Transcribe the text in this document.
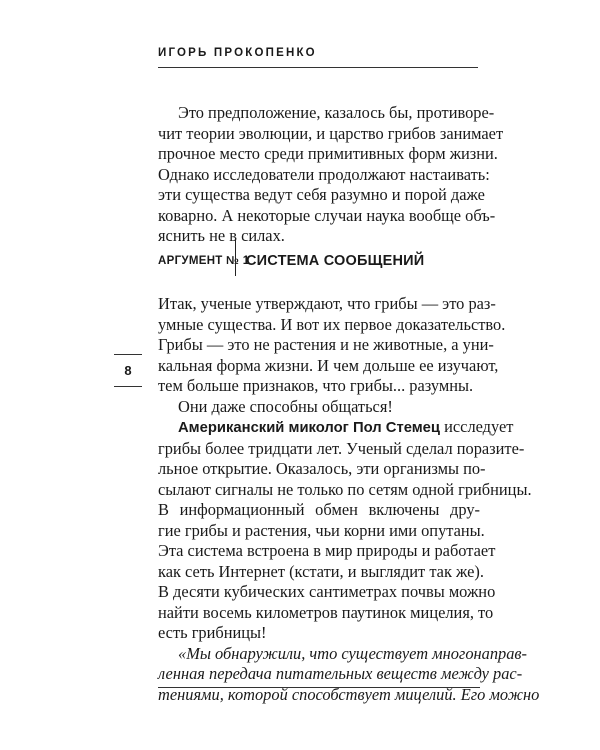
ИГОРЬ ПРОКОПЕНКО
Это предположение, казалось бы, противоре-
чит теории эволюции, и царство грибов занимает
прочное место среди примитивных форм жизни.
Однако исследователи продолжают настаивать:
эти существа ведут себя разумно и порой даже
коварно. А некоторые случаи наука вообще объ-
яснить не в силах.
АРГУМЕНТ № 1
СИСТЕМА СООБЩЕНИЙ
8
Итак, ученые утверждают, что грибы — это раз-
умные существа. И вот их первое доказательство.
Грибы — это не растения и не животные, а уни-
кальная форма жизни. И чем дольше ее изучают,
тем больше признаков, что грибы... разумны.
Они даже способны общаться!
Американский миколог Пол Стемец исследует
грибы более тридцати лет. Ученый сделал поразите-
льное открытие. Оказалось, эти организмы по-
сылают сигналы не только по сетям одной грибницы.
В информационный обмен включены дру-
гие грибы и растения, чьи корни ими опутаны.
Эта система встроена в мир природы и работает
как сеть Интернет (кстати, и выглядит так же).
В десяти кубических сантиметрах почвы можно
найти восемь километров паутинок мицелия, то
есть грибницы!
«Мы обнаружили, что существует многонаправ-
ленная передача питательных веществ между рас-
тениями, которой способствует мицелий. Его можно
